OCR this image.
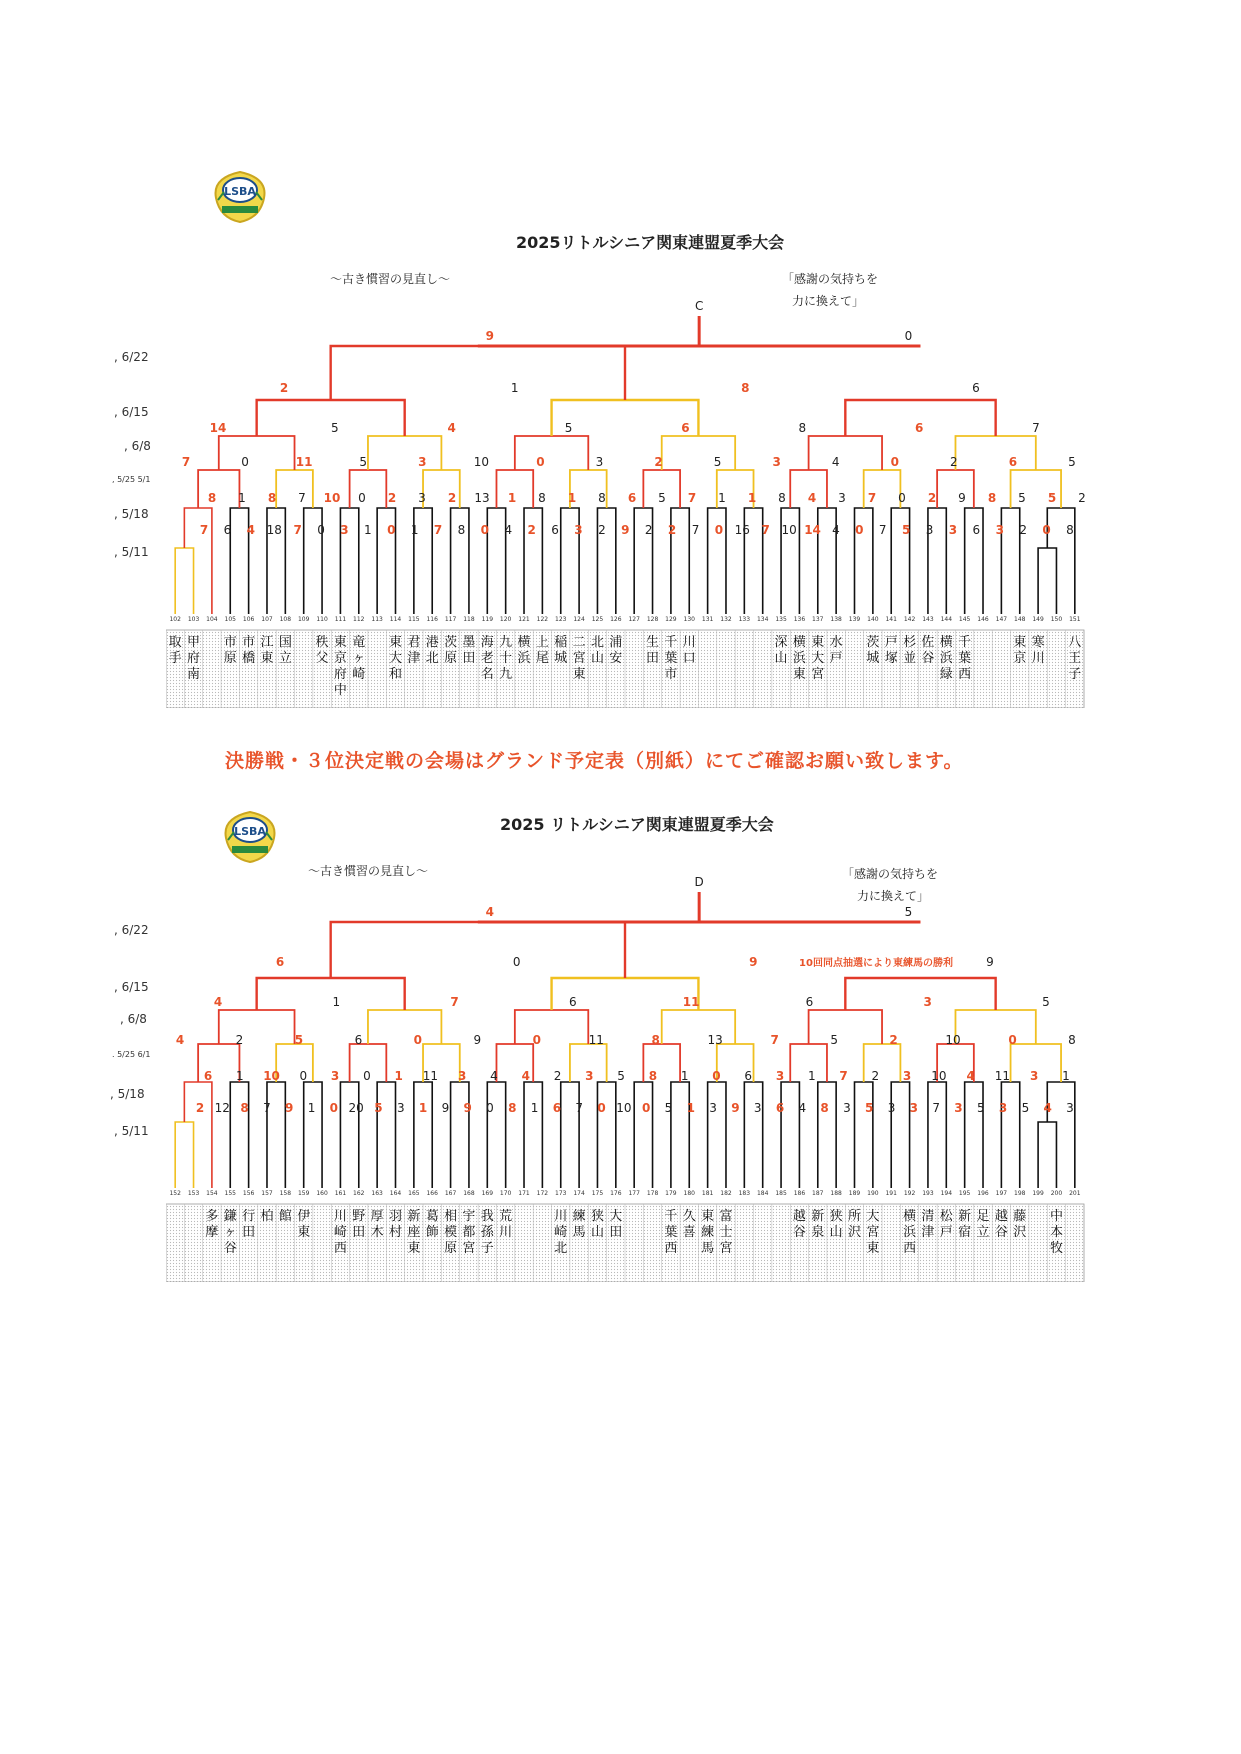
LSBA
2025リトルシニア関東連盟夏季大会
～古き慣習の見直し～	「感謝の気持ちを
力に換えて」
, 6/22
, 6/15
, 6/8
, 5/25 5/1
, 5/18
, 5/11
102
取
手
103
甲
府
南
104 105
市
原
106
市
橋
107
江
東
108
国
立
109 110
秩
父
111
東
京
府
中
112
竜
ヶ
崎
113 114
東
大
和
115
君
津
116
港
北
117
茨
原
118
墨
田
119
海
老
名
120
九
十
九
121
横
浜
122
上
尾
123
稲
城
124
二
宮
東
125
北
山
126
浦
安
127 128
生
田
129
千
葉
市
130
川
口
131 132 133 134 135
深
山
136
横
浜
東
137
東
大
宮
138
水
戸
139 140
茨
城
141
戸
塚
142
杉
並
143
佐
谷
144
横
浜
緑
145
千
葉
西
146 147 148
東
京
149
寒
川
150 151
八
王
子
決勝戦・３位決定戦の会場はグランド予定表（別紙）にてご確認お願い致します。
LSBA	2025 リトルシニア関東連盟夏季大会
～古き慣習の見直し～	「感謝の気持ちを
力に換えて」
, 6/22
, 6/15
, 6/8
. 5/25 6/1
, 5/18
, 5/11
152 153 154
多
摩
155
鎌
ヶ
谷
156
行
田
157
柏
158
館
159
伊
東
160 161
川
崎
西
162
野
田
163
厚
木
164
羽
村
165
新
座
東
166
葛
飾
167
相
模
原
168
宇
都
宮
169
我
孫
子
170
荒
川
171 172 173
川
崎
北
174
練
馬
175
狭
山
176
大
田
177 178 179
千
葉
西
180
久
喜
181
東
練
馬
182
富
士
宮
183 184 185 186
越
谷
187
新
泉
188
狭
山
189
所
沢
190
大
宮
東
191 192
横
浜
西
193
清
津
194
松
戸
195
新
宿
196
足
立
197
越
谷
198
藤
沢
199 200
中
本
牧
201
C
9	0
2	1	8	6
14	5	4	5	6	8	6	7
7	0	11	5	3	10	0	3	2	5	3	4	0	2	6	5
8 1 8 7 10 0 2 3 2 13 1 8 1 8 6 5 7 1 1 8 4 3 7 0 2 9 8 5 5 2
7 6 4 18 7 0 3 1 0 1 7 8 0 4 2 6 3 2 9 2 2 7 0 16 7 10 14 4 0 7 5 3 3 6 3 2 0 8
D
4	5
6	0	9	9
4	1	7	6	11	6	3	5
4	2	5	6	0	9	0	11	8	13	7	5	2	10	0	8
6 1 10 0 3 0 1 11 3 4 4 2 3 5 8 1 0 6 3 1 7 2 3 10 4 11 3 1
2 12 8 7 9 1 0 20 5 3 1 9 9 0 8 1 6 7 0 10 0 5 1 3 9 3 6 4 8 3 5 3 3 7 3 5 3 5 4 3
10回同点抽選により東練馬の勝利
